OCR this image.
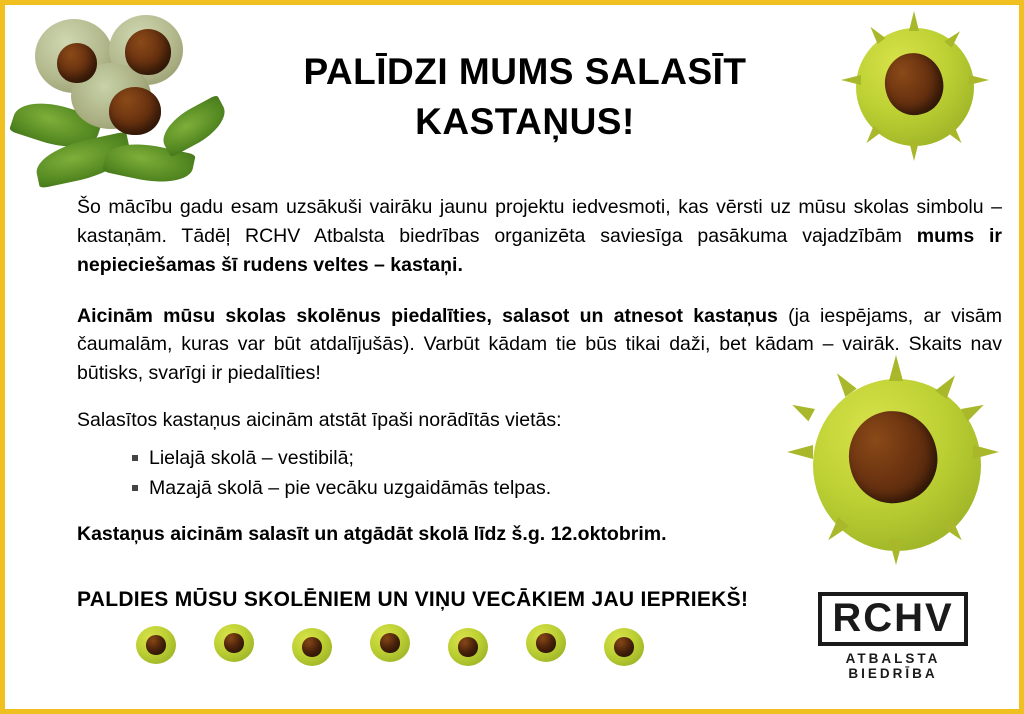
PALĪDZI MUMS SALASĪT KASTAŅUS!

Šo mācību gadu esam uzsākuši vairāku jaunu projektu iedvesmoti, kas vērsti uz mūsu skolas simbolu – kastaņām. Tādēļ RCHV Atbalsta biedrības organizēta saviesīga pasākuma vajadzībām mums ir nepieciešamas šī rudens veltes – kastaņi.

Aicinām mūsu skolas skolēnus piedalīties, salasot un atnesot kastaņus (ja iespējams, ar visām čaumalām, kuras var būt atdalījušās). Varbūt kādam tie būs tikai daži, bet kādam – vairāk. Skaits nav būtisks, svarīgi ir piedalīties!

Salasītos kastaņus aicinām atstāt īpaši norādītās vietās:

Lielajā skolā – vestibilā;
Mazajā skolā – pie vecāku uzgaidāmās telpas.

Kastaņus aicinām salasīt un atgādāt skolā līdz š.g. 12.oktobrim.

PALDIES MŪSU SKOLĒNIEM UN VIŅU VECĀKIEM JAU IEPRIEKŠ! RCHV
ATBALSTA BIEDRĪBA
